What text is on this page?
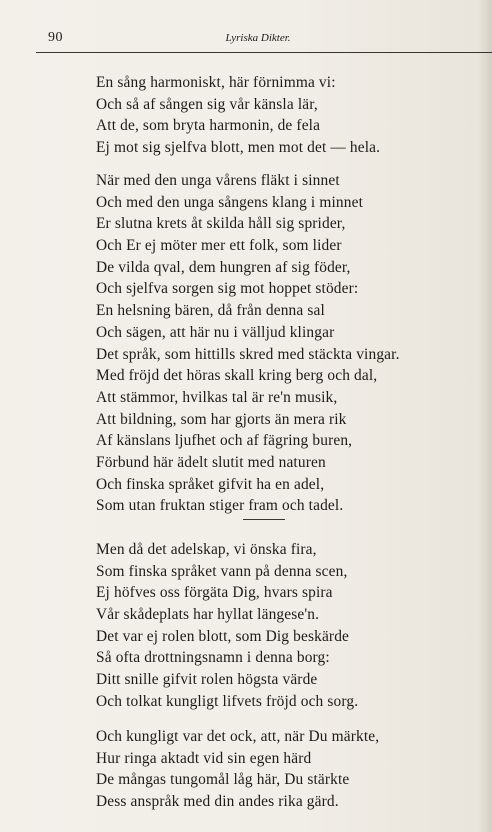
90	Lyriska Dikter.
En sång harmoniskt, här förnimma vi:
Och så af sången sig vår känsla lär,
Att de, som bryta harmonin, de fela
Ej mot sig sjelfva blott, men mot det — hela.
När med den unga vårens fläkt i sinnet
Och med den unga sångens klang i minnet
Er slutna krets åt skilda håll sig sprider,
Och Er ej möter mer ett folk, som lider
De vilda qval, dem hungren af sig föder,
Och sjelfva sorgen sig mot hoppet stöder:
En helsning bären, då från denna sal
Och sägen, att här nu i välljud klingar
Det språk, som hittills skred med stäckta vingar.
Med fröjd det höras skall kring berg och dal,
Att stämmor, hvilkas tal är re'n musik,
Att bildning, som har gjorts än mera rik
Af känslans ljufhet och af fägring buren,
Förbund här ädelt slutit med naturen
Och finska språket gifvit ha en adel,
Som utan fruktan stiger fram och tadel.
Men då det adelskap, vi önska fira,
Som finska språket vann på denna scen,
Ej höfves oss förgäta Dig, hvars spira
Vår skådeplats har hyllat längese'n.
Det var ej rolen blott, som Dig beskärde
Så ofta drottningsnamn i denna borg:
Ditt snille gifvit rolen högsta värde
Och tolkat kungligt lifvets fröjd och sorg.
Och kungligt var det ock, att, när Du märkte,
Hur ringa aktadt vid sin egen härd
De mångas tungomål låg här, Du stärkte
Dess anspråk med din andes rika gärd.
